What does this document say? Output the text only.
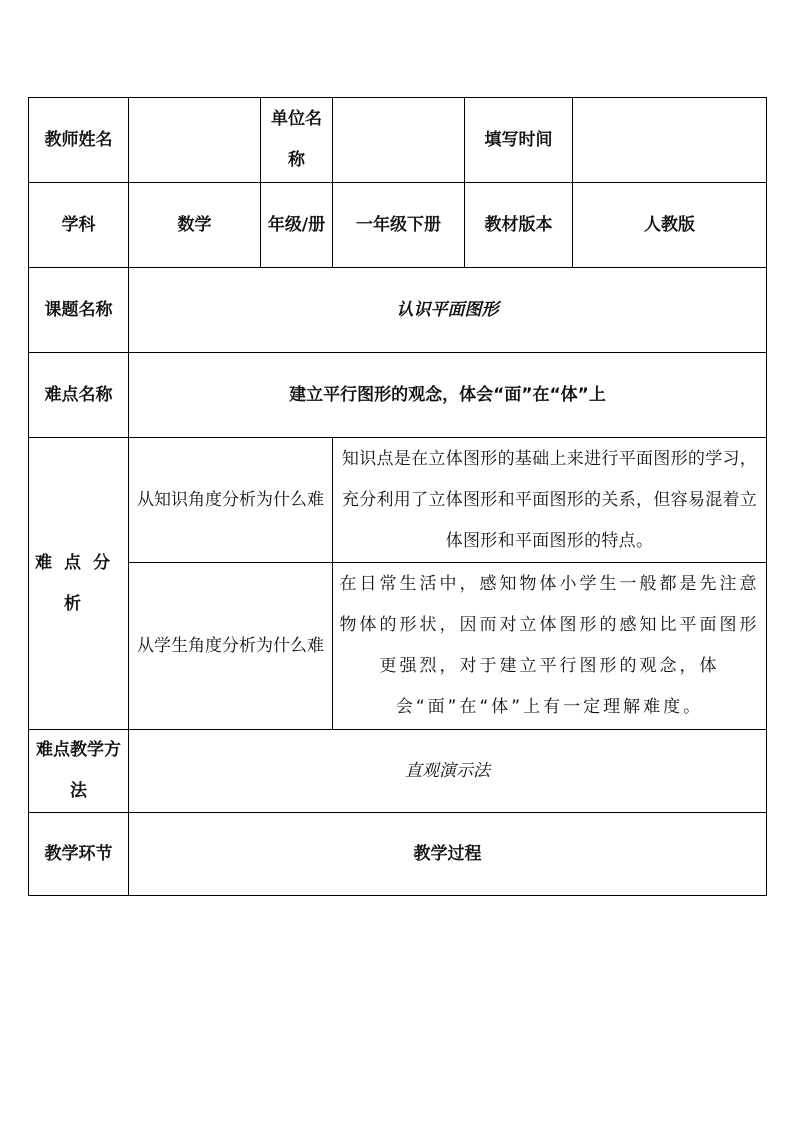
教师姓名		单位名称		填写时间	
学科	数学	年级/册	一年级下册	教材版本	人教版
课题名称	认识平面图形				
难点名称	建立平行图形的观念，体会“面”在“体”上				
难点分析	从知识角度分析为什么难		知识点是在立体图形的基础上来进行平面图形的学习，充分利用了立体图形和平面图形的关系，但容易混着立体图形和平面图形的特点。		
	从学生角度分析为什么难		在日常生活中，感知物体小学生一般都是先注意物体的形状，因而对立体图形的感知比平面图形更强烈，对于建立平行图形的观念，体会“面”在“体”上有一定理解难度。		
难点教学方法	直观演示法				
教学环节	教学过程				
